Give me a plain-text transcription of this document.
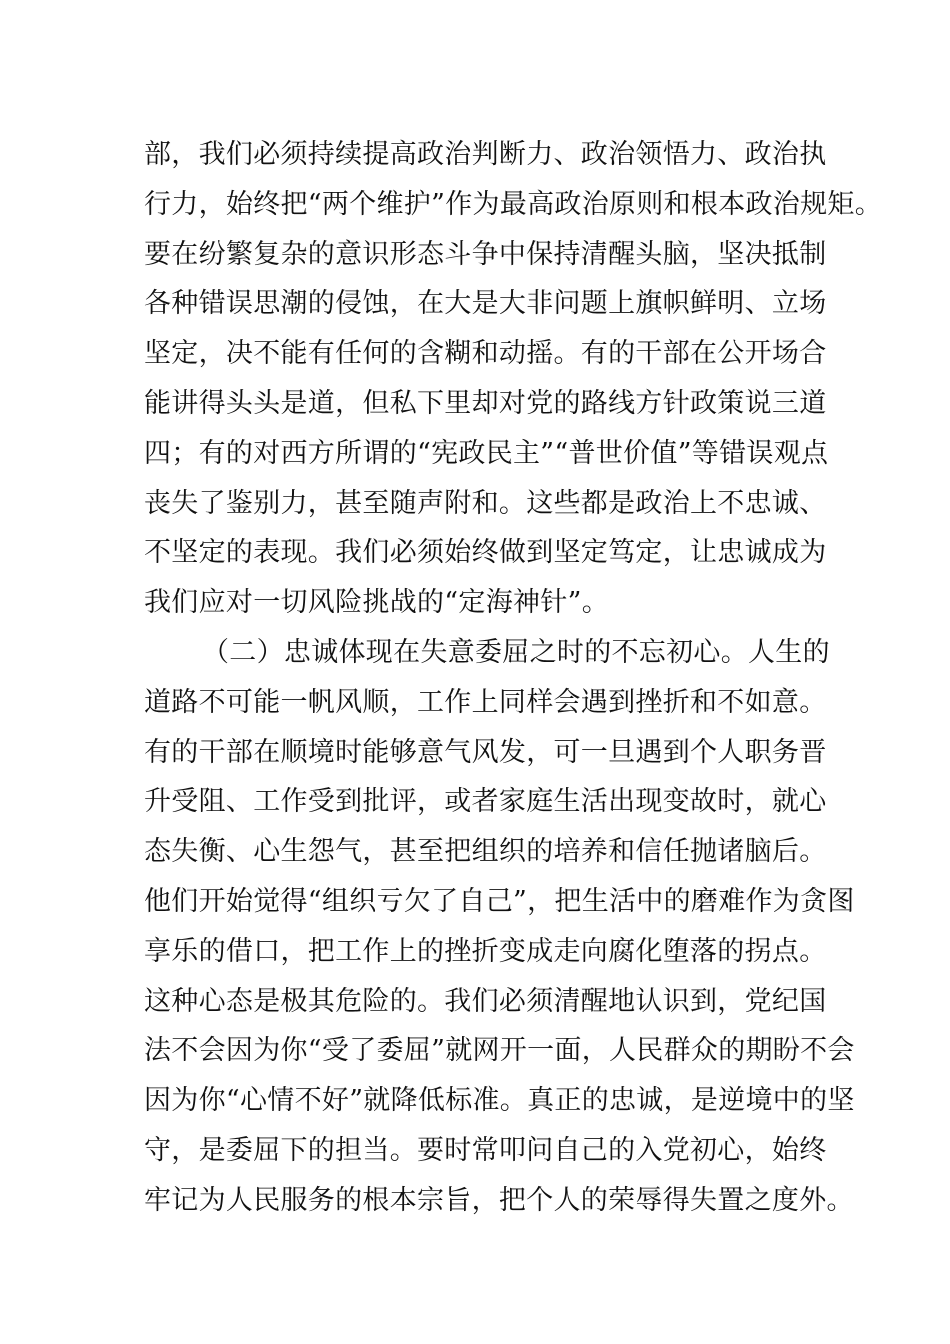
部，我们必须持续提高政治判断力、政治领悟力、政治执
行力，始终把“两个维护”作为最高政治原则和根本政治规矩。
要在纷繁复杂的意识形态斗争中保持清醒头脑，坚决抵制
各种错误思潮的侵蚀，在大是大非问题上旗帜鲜明、立场
坚定，决不能有任何的含糊和动摇。有的干部在公开场合
能讲得头头是道，但私下里却对党的路线方针政策说三道
四；有的对西方所谓的“宪政民主”“普世价值”等错误观点
丧失了鉴别力，甚至随声附和。这些都是政治上不忠诚、
不坚定的表现。我们必须始终做到坚定笃定，让忠诚成为
我们应对一切风险挑战的“定海神针”。
（二）忠诚体现在失意委屈之时的不忘初心。人生的
道路不可能一帆风顺，工作上同样会遇到挫折和不如意。
有的干部在顺境时能够意气风发，可一旦遇到个人职务晋
升受阻、工作受到批评，或者家庭生活出现变故时，就心
态失衡、心生怨气，甚至把组织的培养和信任抛诸脑后。
他们开始觉得“组织亏欠了自己”，把生活中的磨难作为贪图
享乐的借口，把工作上的挫折变成走向腐化堕落的拐点。
这种心态是极其危险的。我们必须清醒地认识到，党纪国
法不会因为你“受了委屈”就网开一面，人民群众的期盼不会
因为你“心情不好”就降低标准。真正的忠诚，是逆境中的坚
守，是委屈下的担当。要时常叩问自己的入党初心，始终
牢记为人民服务的根本宗旨，把个人的荣辱得失置之度外。
